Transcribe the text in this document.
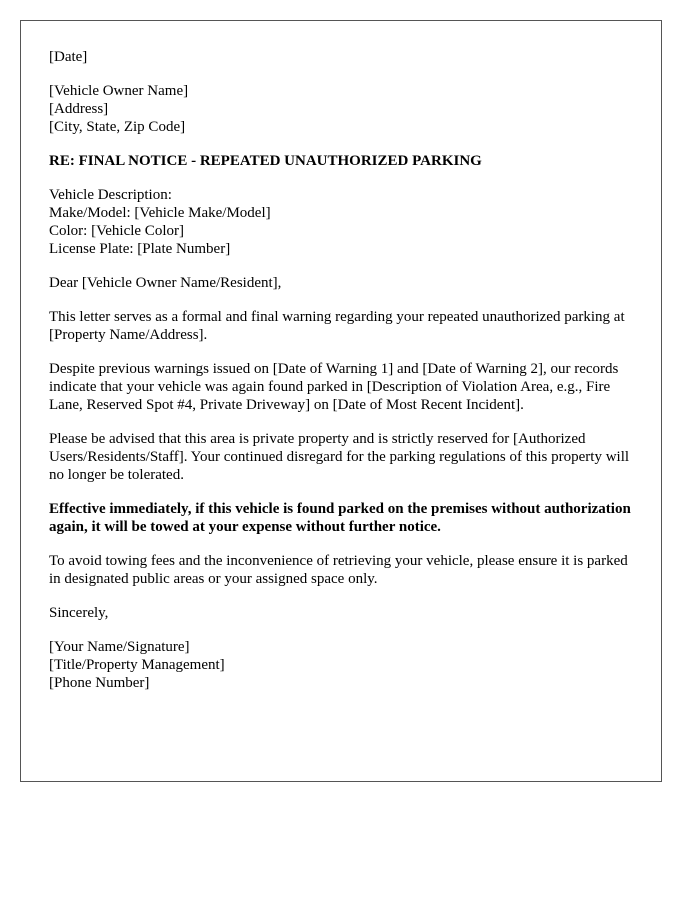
[Date]

[Vehicle Owner Name]
[Address]
[City, State, Zip Code]

RE: FINAL NOTICE - REPEATED UNAUTHORIZED PARKING

Vehicle Description:
Make/Model: [Vehicle Make/Model]
Color: [Vehicle Color]
License Plate: [Plate Number]

Dear [Vehicle Owner Name/Resident],

This letter serves as a formal and final warning regarding your repeated unauthorized parking at [Property Name/Address].

Despite previous warnings issued on [Date of Warning 1] and [Date of Warning 2], our records indicate that your vehicle was again found parked in [Description of Violation Area, e.g., Fire Lane, Reserved Spot #4, Private Driveway] on [Date of Most Recent Incident].

Please be advised that this area is private property and is strictly reserved for [Authorized Users/Residents/Staff]. Your continued disregard for the parking regulations of this property will no longer be tolerated.

Effective immediately, if this vehicle is found parked on the premises without authorization again, it will be towed at your expense without further notice.

To avoid towing fees and the inconvenience of retrieving your vehicle, please ensure it is parked in designated public areas or your assigned space only.

Sincerely,

[Your Name/Signature]
[Title/Property Management]
[Phone Number]
